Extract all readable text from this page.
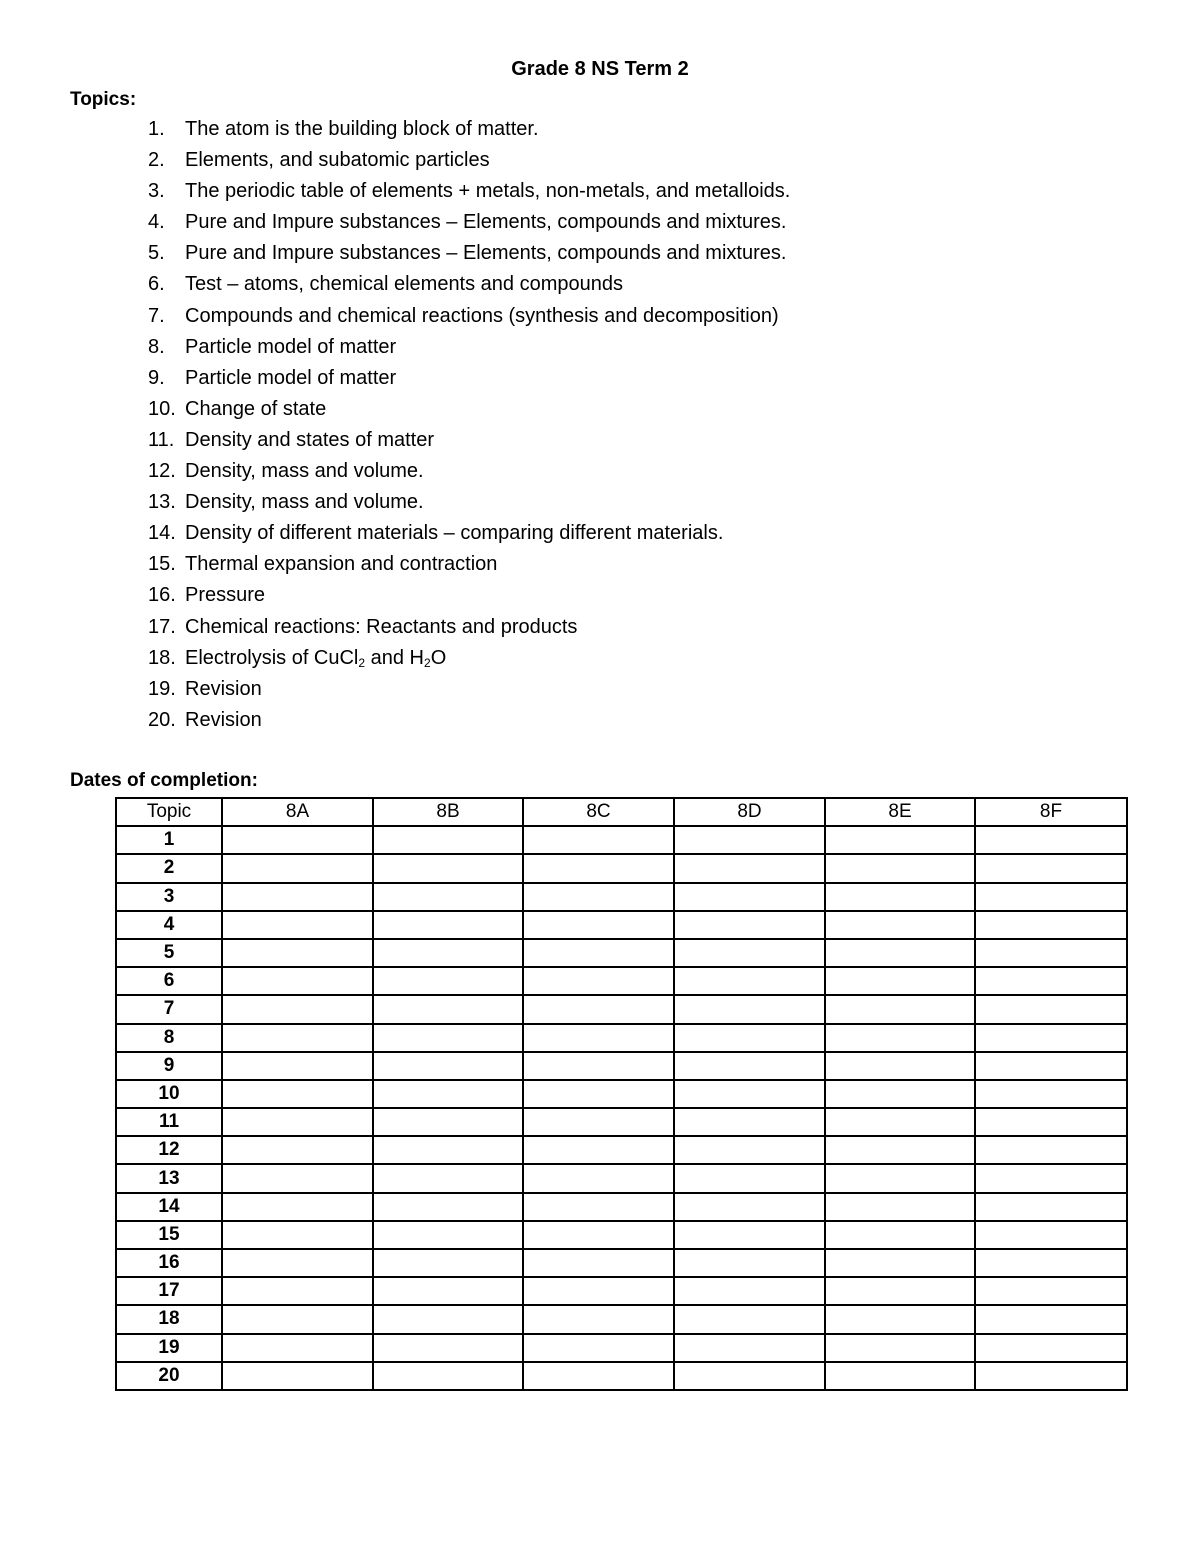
Grade 8 NS Term 2
Topics:
1. The atom is the building block of matter.
2. Elements, and subatomic particles
3. The periodic table of elements + metals, non-metals, and metalloids.
4. Pure and Impure substances – Elements, compounds and mixtures.
5. Pure and Impure substances – Elements, compounds and mixtures.
6. Test – atoms, chemical elements and compounds
7. Compounds and chemical reactions (synthesis and decomposition)
8. Particle model of matter
9. Particle model of matter
10. Change of state
11. Density and states of matter
12. Density, mass and volume.
13. Density, mass and volume.
14. Density of different materials – comparing different materials.
15. Thermal expansion and contraction
16. Pressure
17. Chemical reactions: Reactants and products
18. Electrolysis of CuCl$_2$ and $H_2O$
19. Revision
20. Revision
Dates of completion:
Topic	8A	8B	8C	8D	8E	8F
1						
2						
3						
4						
5						
6						
7						
8						
9						
10						
11						
12						
13						
14						
15						
16						
17						
18						
19						
20						
